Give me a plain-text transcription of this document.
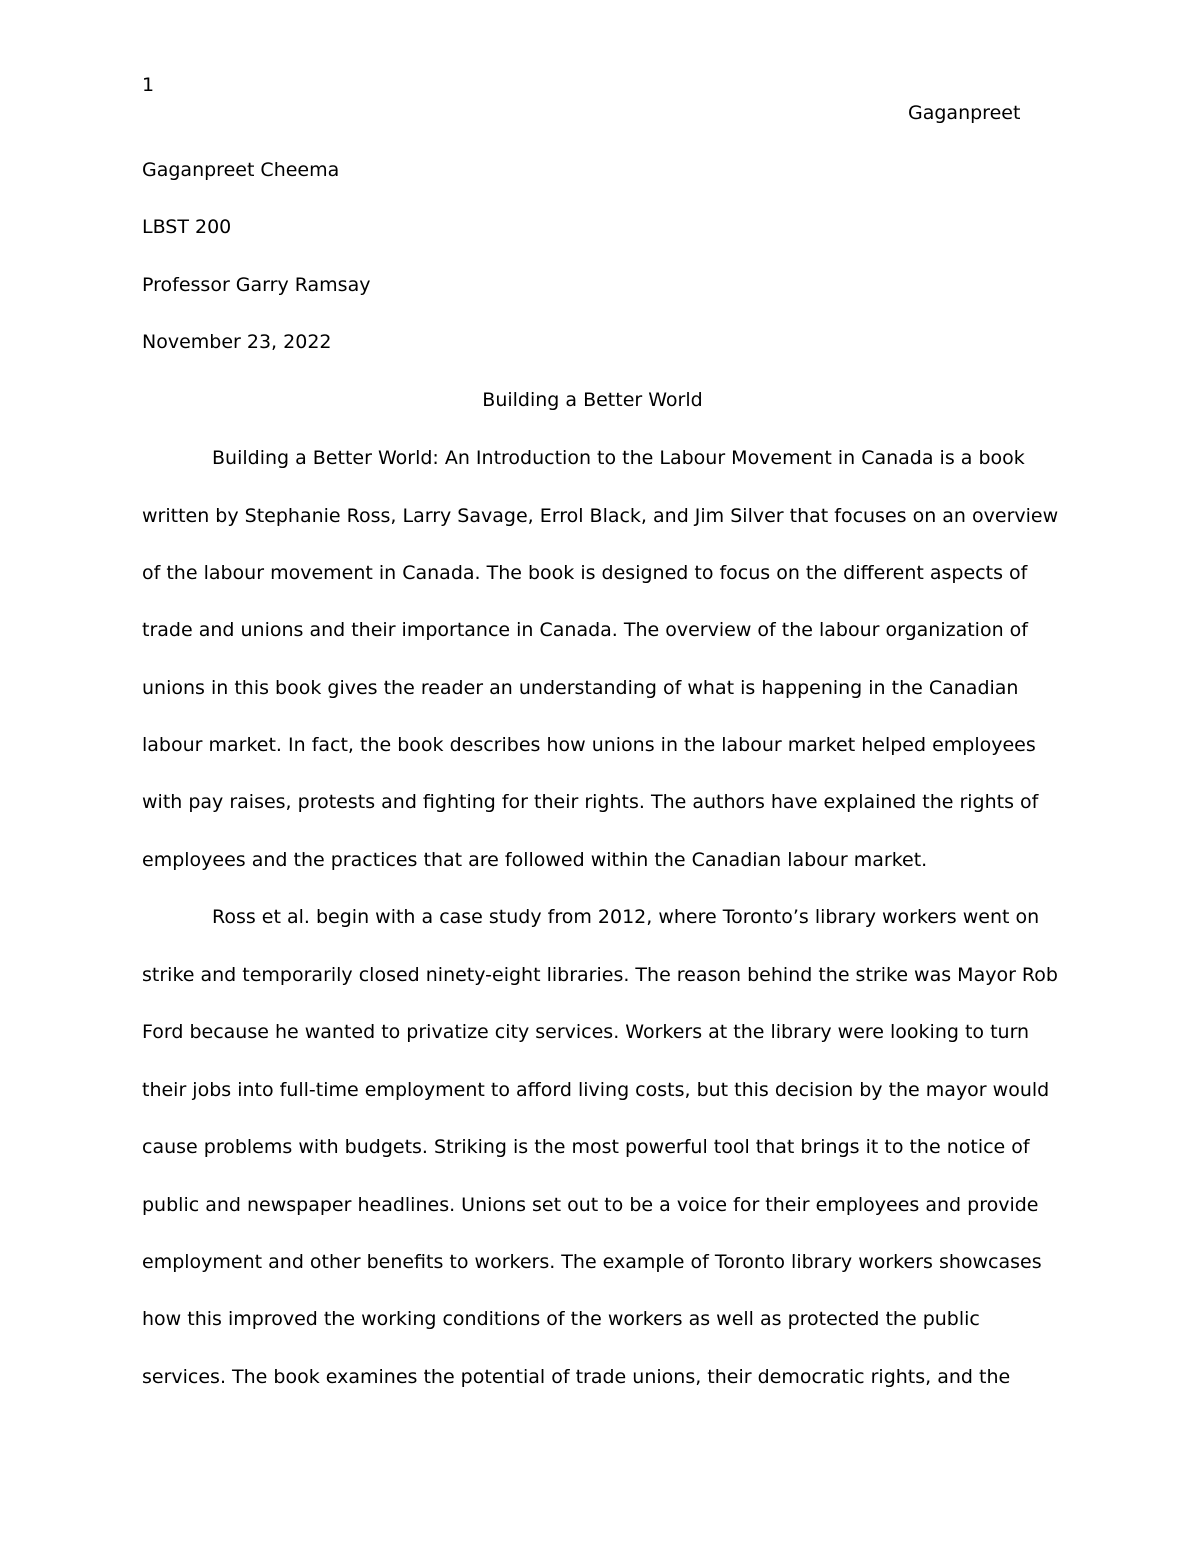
1
Gaganpreet
Gaganpreet Cheema
LBST 200
Professor Garry Ramsay
November 23, 2022
Building a Better World
Building a Better World: An Introduction to the Labour Movement in Canada is a book
written by Stephanie Ross, Larry Savage, Errol Black, and Jim Silver that focuses on an overview
of the labour movement in Canada. The book is designed to focus on the different aspects of
trade and unions and their importance in Canada. The overview of the labour organization of
unions in this book gives the reader an understanding of what is happening in the Canadian
labour market. In fact, the book describes how unions in the labour market helped employees
with pay raises, protests and fighting for their rights. The authors have explained the rights of
employees and the practices that are followed within the Canadian labour market.
Ross et al. begin with a case study from 2012, where Toronto’s library workers went on
strike and temporarily closed ninety-eight libraries. The reason behind the strike was Mayor Rob
Ford because he wanted to privatize city services. Workers at the library were looking to turn
their jobs into full-time employment to afford living costs, but this decision by the mayor would
cause problems with budgets. Striking is the most powerful tool that brings it to the notice of
public and newspaper headlines. Unions set out to be a voice for their employees and provide
employment and other benefits to workers. The example of Toronto library workers showcases
how this improved the working conditions of the workers as well as protected the public
services. The book examines the potential of trade unions, their democratic rights, and the
